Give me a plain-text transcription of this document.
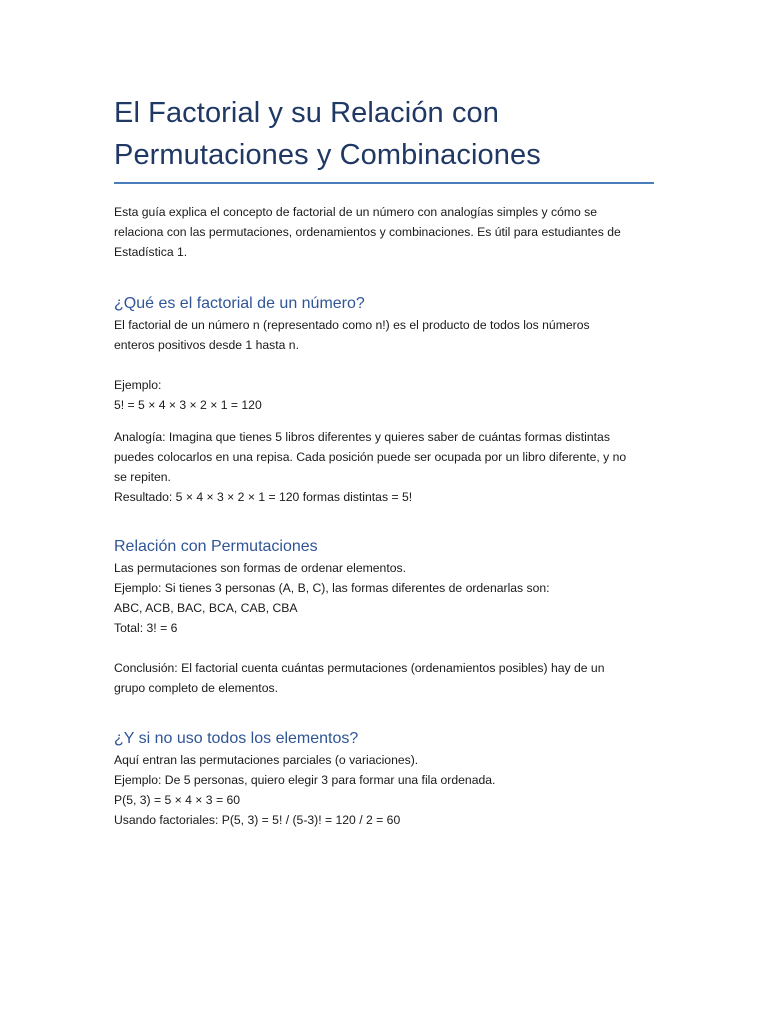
El Factorial y su Relación con
Permutaciones y Combinaciones

Esta guía explica el concepto de factorial de un número con analogías simples y cómo se

relaciona con las permutaciones, ordenamientos y combinaciones. Es útil para estudiantes de

Estadística 1.

¿Qué es el factorial de un número?

El factorial de un número n (representado como n!) es el producto de todos los números

enteros positivos desde 1 hasta n.

Ejemplo:

5! = 5 × 4 × 3 × 2 × 1 = 120

Analogía: Imagina que tienes 5 libros diferentes y quieres saber de cuántas formas distintas

puedes colocarlos en una repisa. Cada posición puede ser ocupada por un libro diferente, y no

se repiten.

Resultado: 5 × 4 × 3 × 2 × 1 = 120 formas distintas = 5!

Relación con Permutaciones

Las permutaciones son formas de ordenar elementos.

Ejemplo: Si tienes 3 personas (A, B, C), las formas diferentes de ordenarlas son:

ABC, ACB, BAC, BCA, CAB, CBA

Total: 3! = 6

Conclusión: El factorial cuenta cuántas permutaciones (ordenamientos posibles) hay de un

grupo completo de elementos.

¿Y si no uso todos los elementos?

Aquí entran las permutaciones parciales (o variaciones).

Ejemplo: De 5 personas, quiero elegir 3 para formar una fila ordenada.

P(5, 3) = 5 × 4 × 3 = 60

Usando factoriales: P(5, 3) = 5! / (5-3)! = 120 / 2 = 60
